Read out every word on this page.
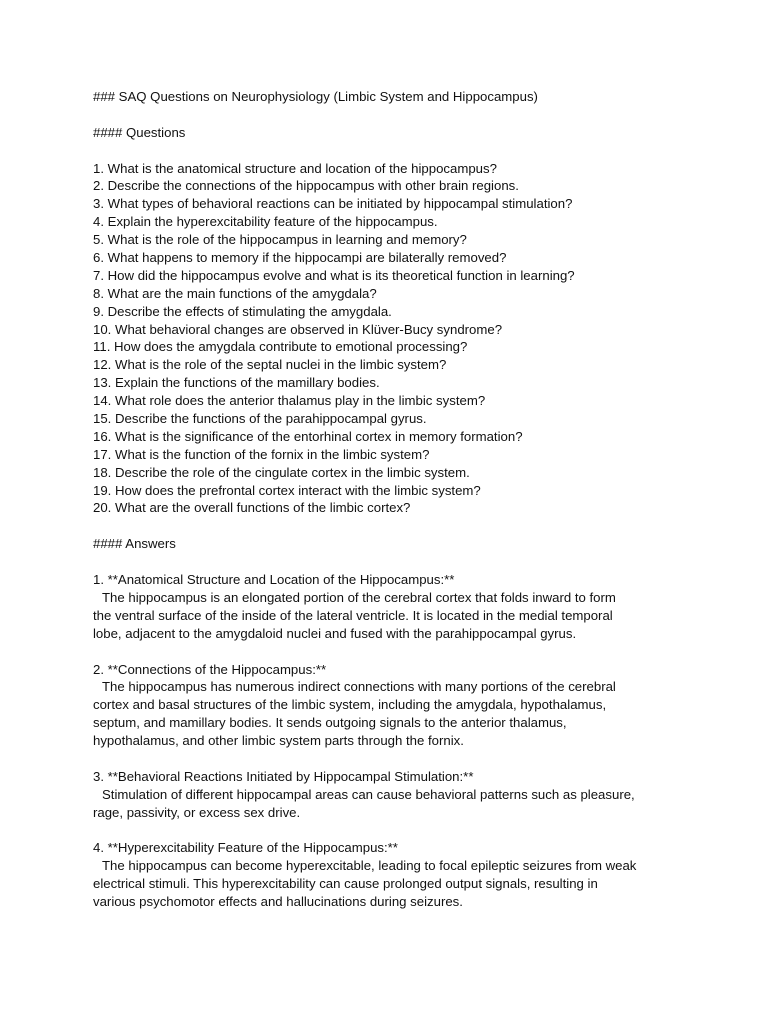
### SAQ Questions on Neurophysiology (Limbic System and Hippocampus)
#### Questions
1. What is the anatomical structure and location of the hippocampus?
2. Describe the connections of the hippocampus with other brain regions.
3. What types of behavioral reactions can be initiated by hippocampal stimulation?
4. Explain the hyperexcitability feature of the hippocampus.
5. What is the role of the hippocampus in learning and memory?
6. What happens to memory if the hippocampi are bilaterally removed?
7. How did the hippocampus evolve and what is its theoretical function in learning?
8. What are the main functions of the amygdala?
9. Describe the effects of stimulating the amygdala.
10. What behavioral changes are observed in Klüver-Bucy syndrome?
11. How does the amygdala contribute to emotional processing?
12. What is the role of the septal nuclei in the limbic system?
13. Explain the functions of the mamillary bodies.
14. What role does the anterior thalamus play in the limbic system?
15. Describe the functions of the parahippocampal gyrus.
16. What is the significance of the entorhinal cortex in memory formation?
17. What is the function of the fornix in the limbic system?
18. Describe the role of the cingulate cortex in the limbic system.
19. How does the prefrontal cortex interact with the limbic system?
20. What are the overall functions of the limbic cortex?
#### Answers
1. **Anatomical Structure and Location of the Hippocampus:**
The hippocampus is an elongated portion of the cerebral cortex that folds inward to form
the ventral surface of the inside of the lateral ventricle. It is located in the medial temporal
lobe, adjacent to the amygdaloid nuclei and fused with the parahippocampal gyrus.
2. **Connections of the Hippocampus:**
The hippocampus has numerous indirect connections with many portions of the cerebral
cortex and basal structures of the limbic system, including the amygdala, hypothalamus,
septum, and mamillary bodies. It sends outgoing signals to the anterior thalamus,
hypothalamus, and other limbic system parts through the fornix.
3. **Behavioral Reactions Initiated by Hippocampal Stimulation:**
Stimulation of different hippocampal areas can cause behavioral patterns such as pleasure,
rage, passivity, or excess sex drive.
4. **Hyperexcitability Feature of the Hippocampus:**
The hippocampus can become hyperexcitable, leading to focal epileptic seizures from weak
electrical stimuli. This hyperexcitability can cause prolonged output signals, resulting in
various psychomotor effects and hallucinations during seizures.
